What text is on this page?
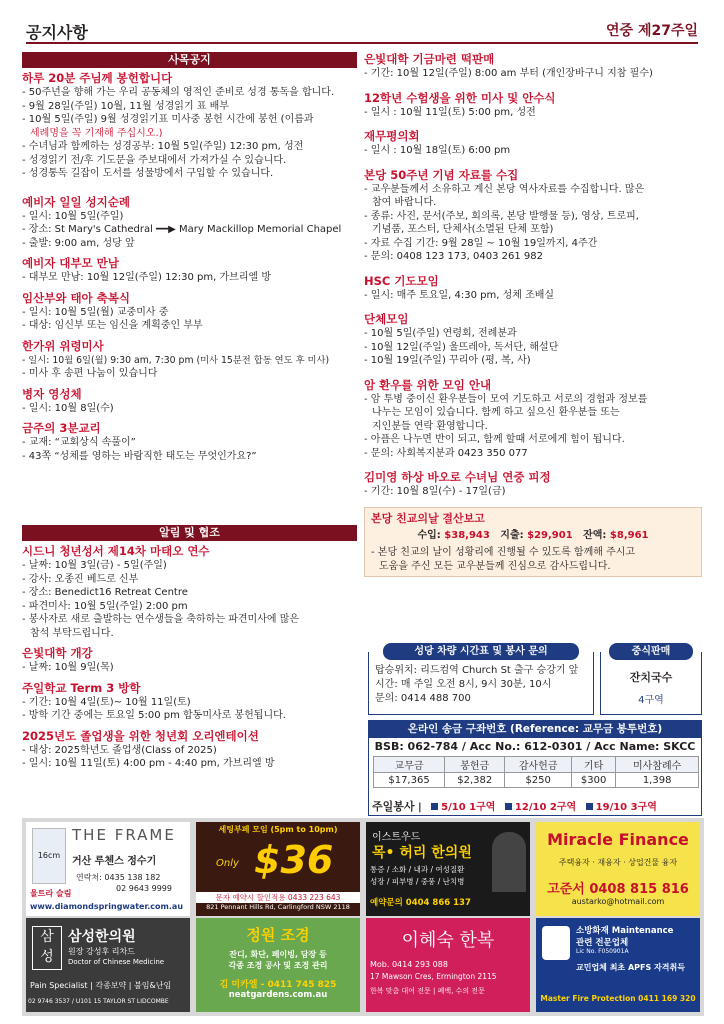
공지사항	연중 제27주일
사목공지
하루 20분 주님께 봉헌합니다
- 50주년을 향해 가는 우리 공동체의 영적인 준비로 성경 통독을 합니다.
- 9월 28일(주일) 10월, 11월 성경읽기 표 배부
- 10월 5일(주일) 9월 성경읽기표 미사중 봉헌 시간에 봉헌 (이름과
세례명을 꼭 기재해 주십시오.)
- 수녀님과 함께하는 성경공부: 10월 5일(주일) 12:30 pm, 성전
- 성경읽기 전/후 기도문을 주보대에서 가져가실 수 있습니다.
- 성경통독 길잡이 도서를 성물방에서 구입할 수 있습니다.
예비자 일일 성지순례
- 일시: 10월 5일(주일)
- 장소: St Mary's Cathedral ━━▶ Mary Mackillop Memorial Chapel
- 출발: 9:00 am, 성당 앞
예비자 대부모 만남
- 대부모 만남: 10월 12일(주일) 12:30 pm, 가브리엘 방
임산부와 태아 축복식
- 일시: 10월 5일(월) 교중미사 중
- 대상: 임신부 또는 임신을 계획중인 부부
한가위 위령미사
- 일시: 10월 6일(월) 9:30 am, 7:30 pm (미사 15분전 합동 연도 후 미사)
- 미사 후 송편 나눔이 있습니다
병자 영성체
- 일시: 10월 8일(수)
금주의 3분교리
- 교재: “교회상식 속풀이”
- 43쪽 “성체를 영하는 바람직한 태도는 무엇인가요?”
알림 및 협조
시드니 청년성서 제14차 마태오 연수
- 날짜: 10월 3일(금) - 5일(주일)
- 강사: 오종진 베드로 신부
- 장소: Benedict16 Retreat Centre
- 파견미사: 10월 5일(주일) 2:00 pm
- 봉사자로 새로 출발하는 연수생들을 축하하는 파견미사에 많은
참석 부탁드립니다.
은빛대학 개강
- 날짜: 10월 9일(목)
주일학교 Term 3 방학
- 기간: 10월 4일(토)~ 10월 11일(토)
- 방학 기간 중에는 토요일 5:00 pm 합동미사로 봉헌됩니다.
2025년도 졸업생을 위한 청년회 오리엔테이션
- 대상: 2025학년도 졸업생(Class of 2025)
- 일시: 10월 11일(토) 4:00 pm - 4:40 pm, 가브리엘 방
은빛대학 기금마련 떡판매
- 기간: 10월 12일(주일) 8:00 am 부터 (개인장바구니 지참 필수)
12학년 수험생을 위한 미사 및 안수식
- 일시 : 10월 11일(토) 5:00 pm, 성전
재무평의회
- 일시 : 10월 18일(토) 6:00 pm
본당 50주년 기념 자료를 수집
- 교우분들께서 소유하고 계신 본당 역사자료를 수집합니다. 많은
참여 바랍니다.
- 종류: 사진, 문서(주보, 회의록, 본당 발행물 등), 영상, 트로피,
기념품, 포스터, 단체사(소멸된 단체 포함)
- 자료 수집 기간: 9월 28일 ~ 10월 19일까지, 4주간
- 문의: 0408 123 173, 0403 261 982
HSC 기도모임
- 일시: 매주 토요일, 4:30 pm, 성체 조배실
단체모임
- 10월 5일(주일) 연령회, 전례분과
- 10월 12일(주일) 울뜨레아, 독서단, 해설단
- 10월 19일(주일) 꾸리아 (평, 복, 사)
암 환우를 위한 모임 안내
- 암 투병 중이신 환우분들이 모여 기도하고 서로의 경험과 정보를
나누는 모임이 있습니다. 함께 하고 싶으신 환우분들 또는
지인분들 연락 환영합니다.
- 아픔은 나누면 반이 되고, 함께 할때 서로에게 힘이 됩니다.
- 문의: 사회복지분과 0423 350 077
김미영 하상 바오로 수녀님 연중 피정
- 기간: 10월 8일(수) - 17일(금)
본당 친교의날 결산보고
수입: $38,943 지출: $29,901 잔액: $8,961
- 본당 친교의 날이 성황리에 진행될 수 있도록 함께해 주시고
도움을 주신 모든 교우분들께 진심으로 감사드립니다.
성당 차량 시간표 및 봉사 문의
탑승위치: 리드컴역 Church St 출구 승강기 앞
시간: 매 주일 오전 8시, 9시 30분, 10시
문의: 0414 488 700
중식판매
잔치국수
4구역
온라인 송금 구좌번호 (Reference: 교무금 봉투번호)
BSB: 062-784 / Acc No.: 612-0301 / Acc Name: SKCC
교무금	봉헌금	감사헌금	기타	미사참례수
$17,365	$2,382	$250	$300	1,398
주일봉사 | 5/10 1구역 12/10 2구역 19/10 3구역
16cm
THE FRAME
거산 루첸스 정수기
연락처: 0435 138 182
02 9643 9999
울트라 슬림
www.diamondspringwater.com.au
세팅부페 모임 (5pm to 10pm)
Only $36
문자 예약시 할인적용 0433 223 643
821 Pennant Hills Rd, Carlingford NSW 2118
이스트우드
목• 허리 한의원
통증 / 소화 / 내과 / 여성질환
성장 / 피부병 / 중풍 / 난치병
예약문의 0404 866 137
Miracle Finance
주택융자 · 재융자 · 상업건물 융자
고준서 0408 815 816
austarko@hotmail.com
삼
성
삼성한의원
원장 강성후 리차드
Doctor of Chinese Medicine
Pain Specialist | 각종보약 | 불임&난임
02 9746 3537 / U101 15 TAYLOR ST LIDCOMBE
정원 조경
잔디, 화단, 페이빙, 담장 등
각종 조경 공사 및 조경 관리
김 미카엘 - 0411 745 825
neatgardens.com.au
이혜숙 한복
Mob. 0414 293 088
17 Mawson Cres, Ermington 2115
한복 맞춤 대여 전문 | 폐백, 수의 전문
소방화재 Maintenance
관련 전문업체
Lic No. F050901A
교민업체 최초 APFS 자격취득
Master Fire Protection 0411 169 320
